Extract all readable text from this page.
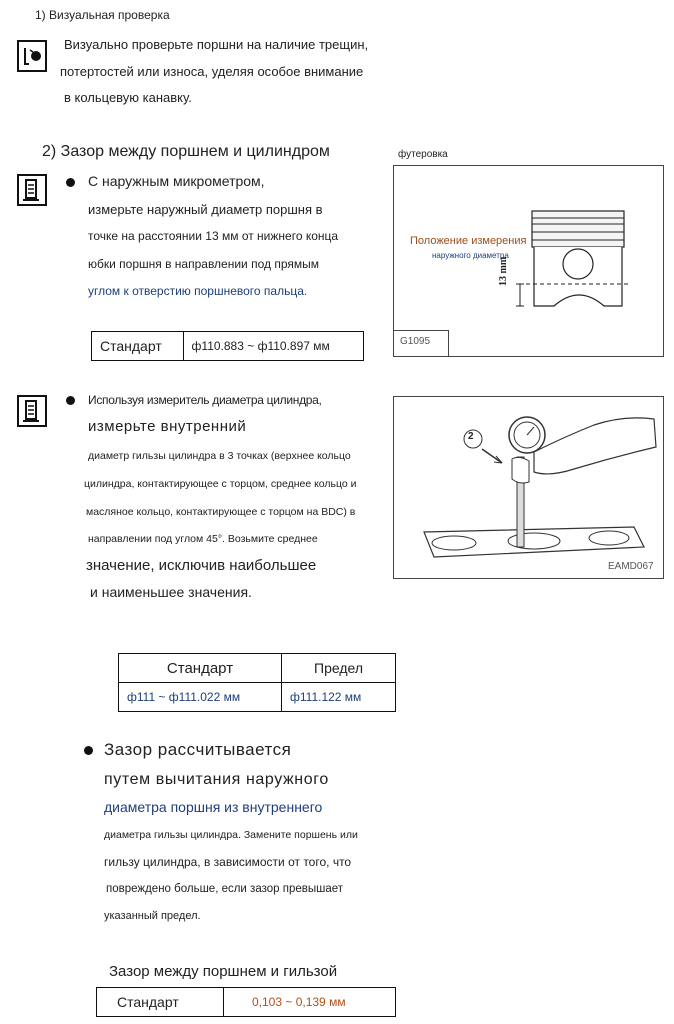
1) Визуальная проверка
Визуально проверьте поршни на наличие трещин,
потертостей или износа, уделяя особое внимание
в кольцевую канавку.
2) Зазор между поршнем и цилиндром	футеровка
С наружным микрометром,
измерьте наружный диаметр поршня в
точке на расстоянии 13 мм от нижнего конца
юбки поршня в направлении под прямым
углом к отверстию поршневого пальца.
Стандарт	ф110.883 ~ ф110.897 мм
Положение измерения
наружного диаметра
13 mm
G1095
Используя измеритель диаметра цилиндра,
измерьте внутренний
диаметр гильзы цилиндра в 3 точках (верхнее кольцо
цилиндра, контактирующее с торцом, среднее кольцо и
масляное кольцо, контактирующее с торцом на BDC) в
направлении под углом 45°. Возьмите среднее
значение, исключив наибольшее
и наименьшее значения.
2
EAMD067
Стандарт	Предел
ф111 ~ ф111.022 мм	ф111.122 мм
Зазор рассчитывается
путем вычитания наружного
диаметра поршня из внутреннего
диаметра гильзы цилиндра. Замените поршень или
гильзу цилиндра, в зависимости от того, что
повреждено больше, если зазор превышает
указанный предел.
Зазор между поршнем и гильзой
Стандарт	0,103 ~ 0,139 мм
